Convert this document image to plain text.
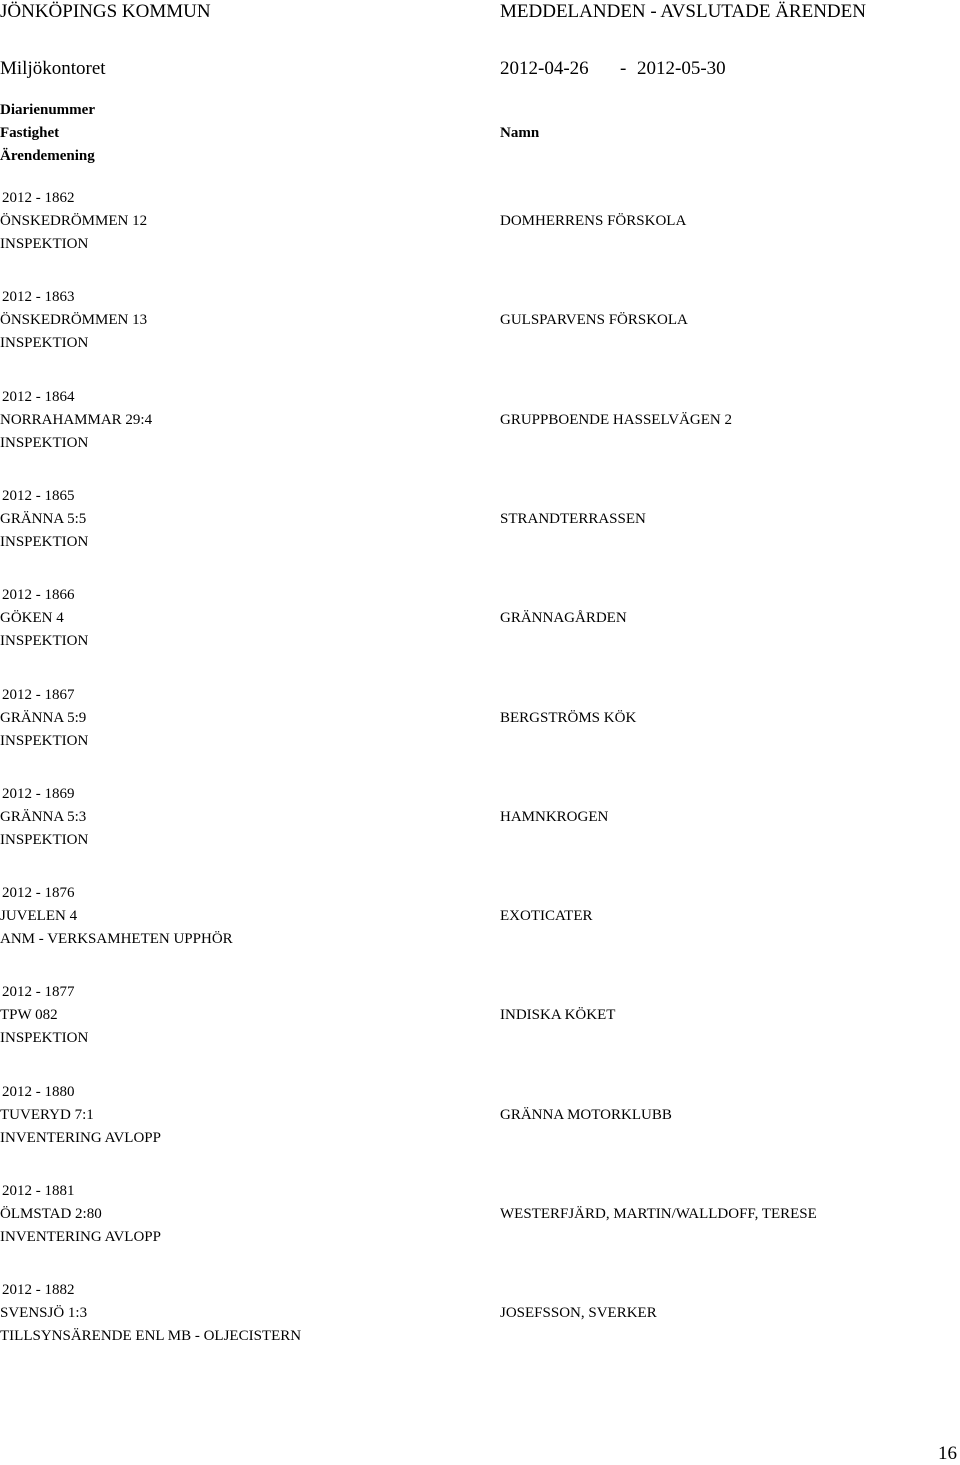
JÖNKÖPINGS KOMMUN	MEDDELANDEN - AVSLUTADE ÄRENDEN
Miljökontoret	2012-04-26 - 2012-05-30
Diarienummer
Fastighet
Ärendemening
Namn
2012 - 1862
ÖNSKEDRÖMMEN 12
INSPEKTION
DOMHERRENS FÖRSKOLA
2012 - 1863
ÖNSKEDRÖMMEN 13
INSPEKTION
GULSPARVENS FÖRSKOLA
2012 - 1864
NORRAHAMMAR 29:4
INSPEKTION
GRUPPBOENDE HASSELVÄGEN 2
2012 - 1865
GRÄNNA 5:5
INSPEKTION
STRANDTERRASSEN
2012 - 1866
GÖKEN 4
INSPEKTION
GRÄNNAGÅRDEN
2012 - 1867
GRÄNNA 5:9
INSPEKTION
BERGSTRÖMS KÖK
2012 - 1869
GRÄNNA 5:3
INSPEKTION
HAMNKROGEN
2012 - 1876
JUVELEN 4
ANM - VERKSAMHETEN UPPHÖR
EXOTICATER
2012 - 1877
TPW 082
INSPEKTION
INDISKA KÖKET
2012 - 1880
TUVERYD 7:1
INVENTERING AVLOPP
GRÄNNA MOTORKLUBB
2012 - 1881
ÖLMSTAD 2:80
INVENTERING AVLOPP
WESTERFJÄRD, MARTIN/WALLDOFF, TERESE
2012 - 1882
SVENSJÖ 1:3
TILLSYNSÄRENDE ENL MB - OLJECISTERN
JOSEFSSON, SVERKER
16
